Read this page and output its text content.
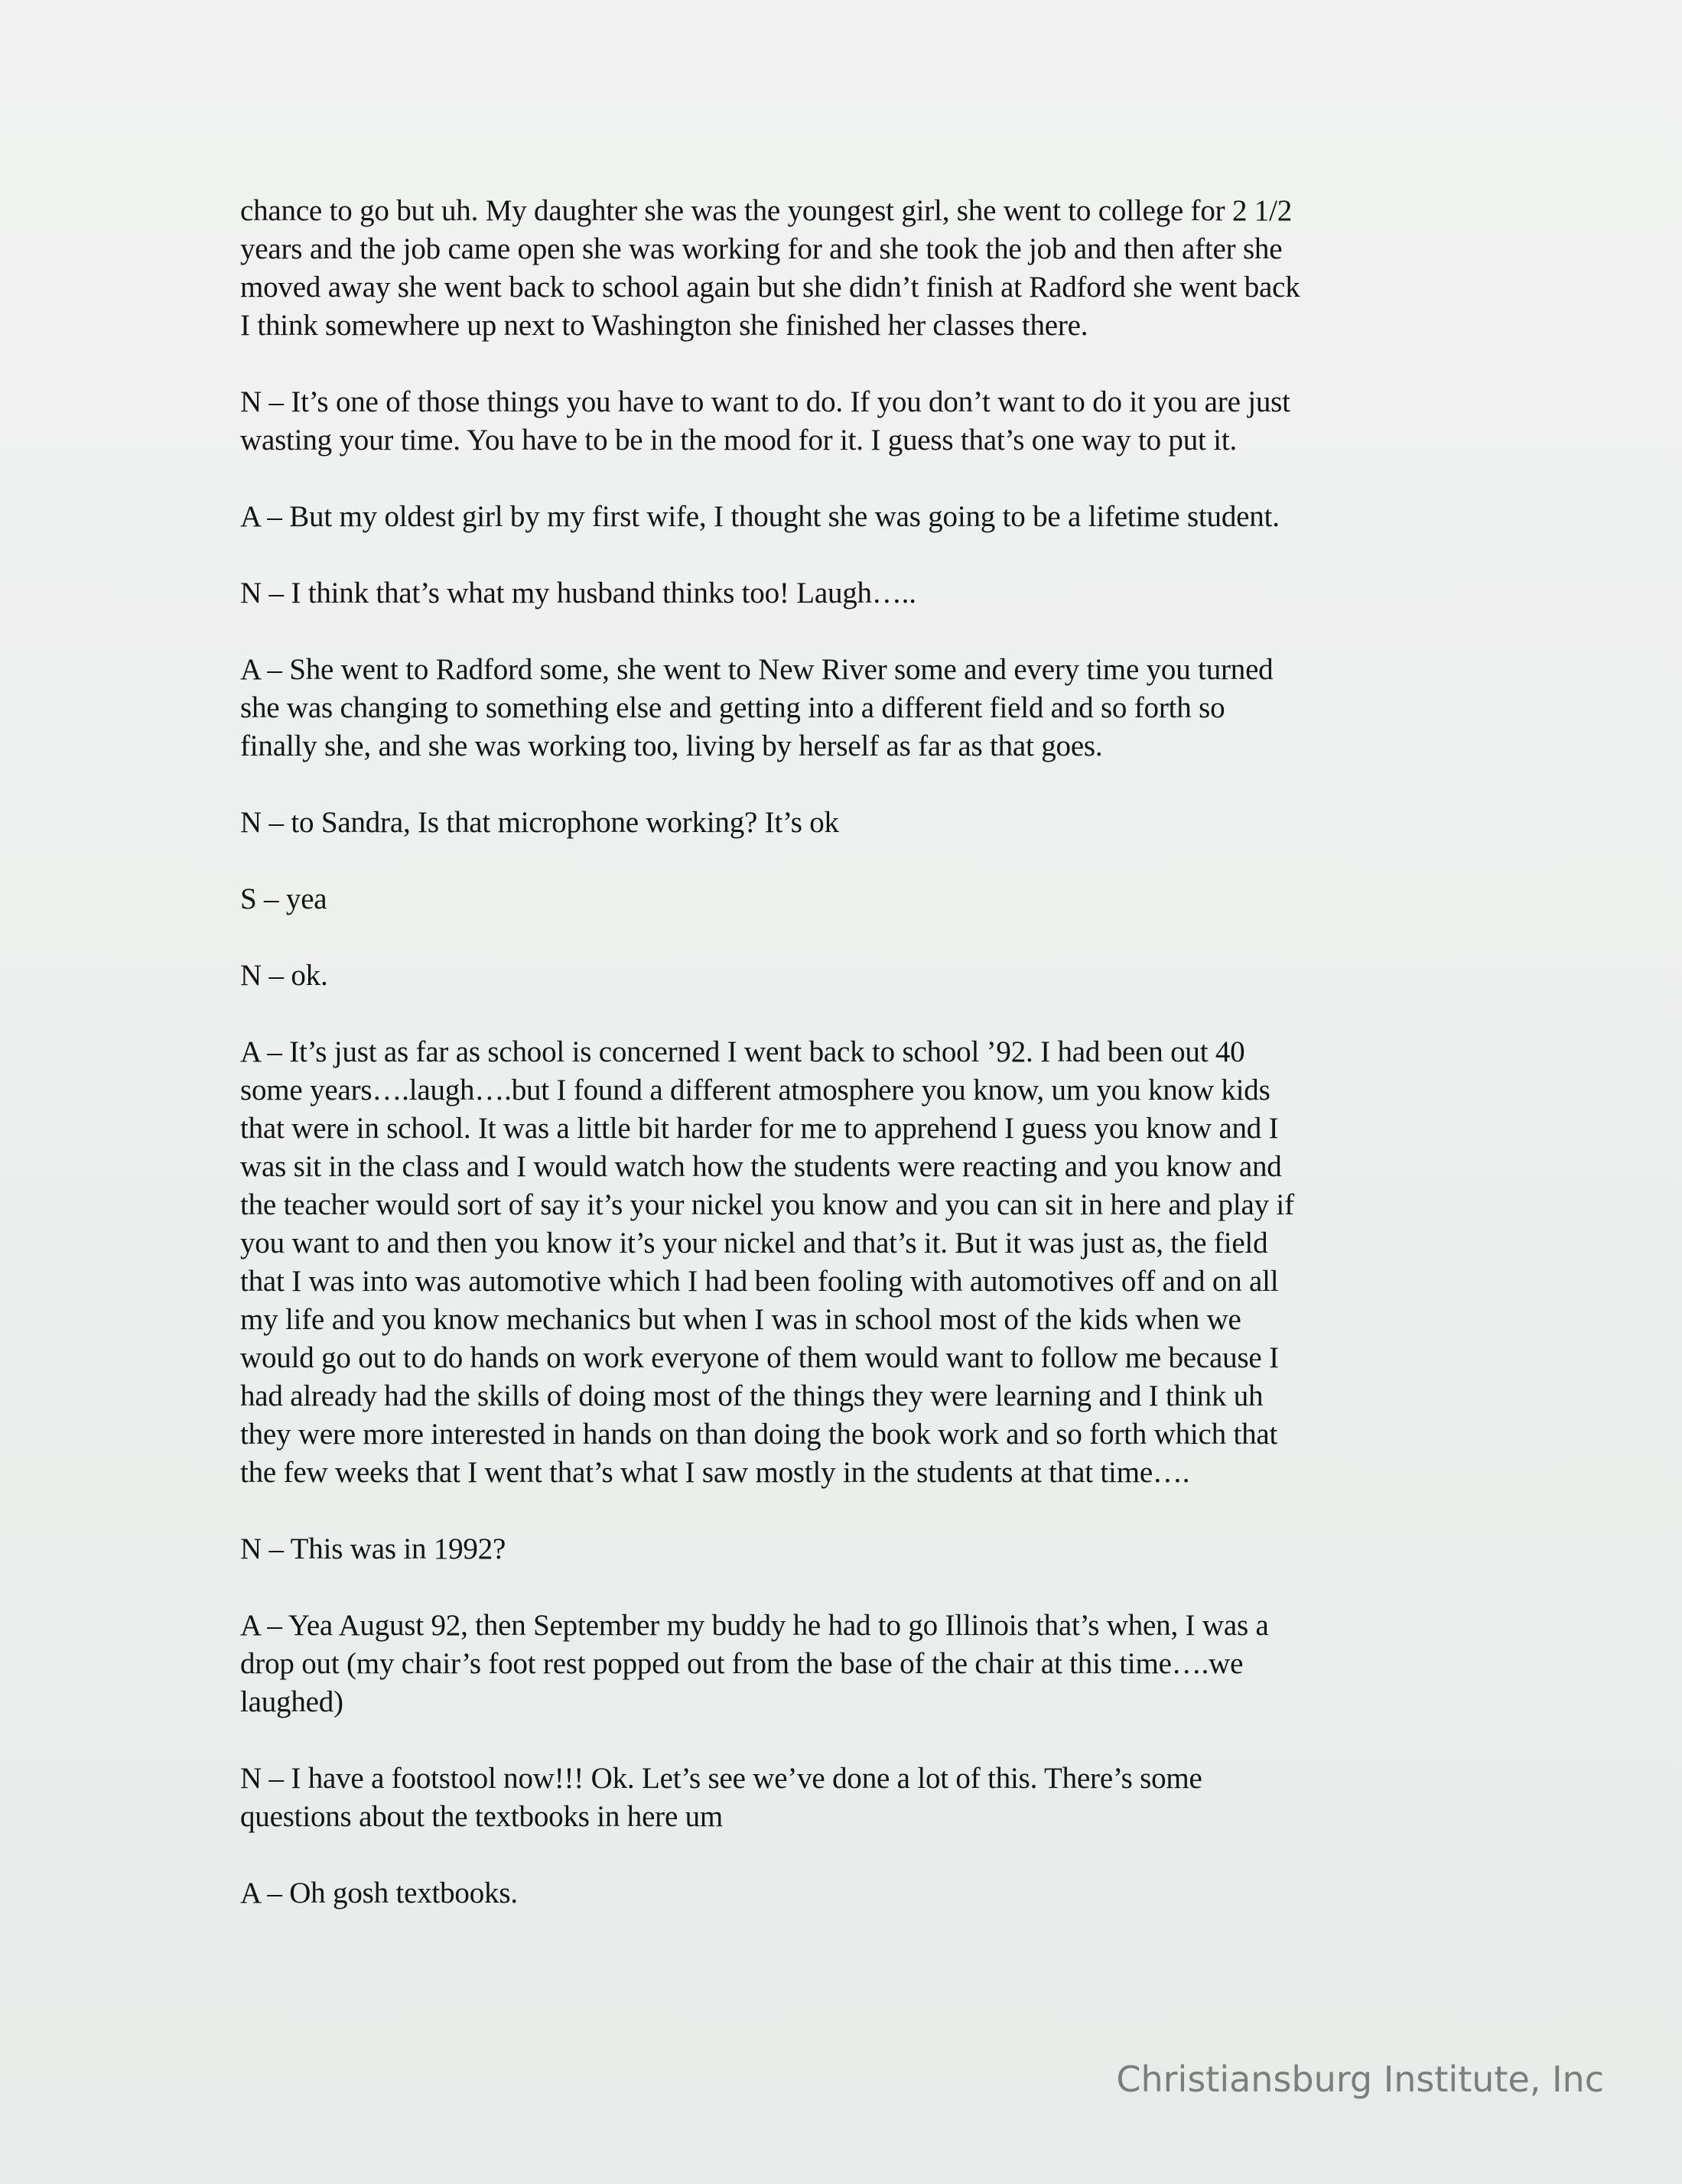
chance to go but uh. My daughter she was the youngest girl, she went to college for 2 1/2
years and the job came open she was working for and she took the job and then after she
moved away she went back to school again but she didn’t finish at Radford she went back
I think somewhere up next to Washington she finished her classes there.

N – It’s one of those things you have to want to do. If you don’t want to do it you are just
wasting your time. You have to be in the mood for it. I guess that’s one way to put it.

A – But my oldest girl by my first wife, I thought she was going to be a lifetime student.

N – I think that’s what my husband thinks too! Laugh…..

A – She went to Radford some, she went to New River some and every time you turned
she was changing to something else and getting into a different field and so forth so
finally she, and she was working too, living by herself as far as that goes.

N – to Sandra, Is that microphone working? It’s ok

S – yea

N – ok.

A – It’s just as far as school is concerned I went back to school ’92. I had been out 40
some years….laugh….but I found a different atmosphere you know, um you know kids
that were in school. It was a little bit harder for me to apprehend I guess you know and I
was sit in the class and I would watch how the students were reacting and you know and
the teacher would sort of say it’s your nickel you know and you can sit in here and play if
you want to and then you know it’s your nickel and that’s it. But it was just as, the field
that I was into was automotive which I had been fooling with automotives off and on all
my life and you know mechanics but when I was in school most of the kids when we
would go out to do hands on work everyone of them would want to follow me because I
had already had the skills of doing most of the things they were learning and I think uh
they were more interested in hands on than doing the book work and so forth which that
the few weeks that I went that’s what I saw mostly in the students at that time….

N – This was in 1992?

A – Yea August 92, then September my buddy he had to go Illinois that’s when, I was a
drop out (my chair’s foot rest popped out from the base of the chair at this time….we
laughed)

N – I have a footstool now!!! Ok. Let’s see we’ve done a lot of this. There’s some
questions about the textbooks in here um

A – Oh gosh textbooks.

Christiansburg Institute, Inc
